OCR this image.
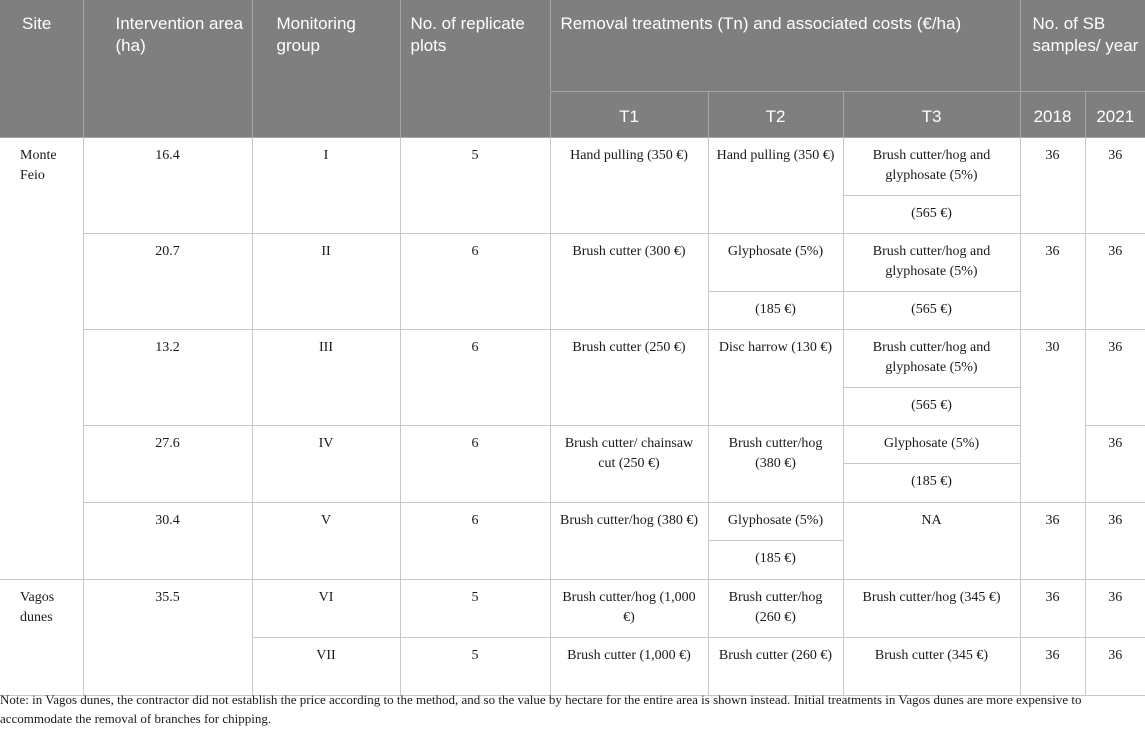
Site	Intervention area (ha)	Monitoring group	No. of replicate plots	Removal treatments (Tn) and associated costs (€/ha)			No. of SB samples/ year	
				T1	T2	T3	2018	2021
Monte Feio	16.4	I	5	Hand pulling (350 €)	Hand pulling (350 €)	Brush cutter/hog and glyphosate (5%)	36	36
						(565 €)		
	20.7	II	6	Brush cutter (300 €)	Glyphosate (5%)	Brush cutter/hog and glyphosate (5%)	36	36
					(185 €)	(565 €)		
	13.2	III	6	Brush cutter (250 €)	Disc harrow (130 €)	Brush cutter/hog and glyphosate (5%)	30	36
						(565 €)		
	27.6	IV	6	Brush cutter/ chainsaw cut (250 €)	Brush cutter/hog (380 €)	Glyphosate (5%)		36
						(185 €)		
	30.4	V	6	Brush cutter/hog (380 €)	Glyphosate (5%)	NA	36	36
					(185 €)			
Vagos dunes	35.5	VI	5	Brush cutter/hog (1,000 €)	Brush cutter/hog (260 €)	Brush cutter/hog (345 €)	36	36
		VII	5	Brush cutter (1,000 €)	Brush cutter (260 €)	Brush cutter (345 €)	36	36
Note: in Vagos dunes, the contractor did not establish the price according to the method, and so the value by hectare for the entire area is shown instead. Initial treatments in Vagos dunes are more expensive to accommodate the removal of branches for chipping.
